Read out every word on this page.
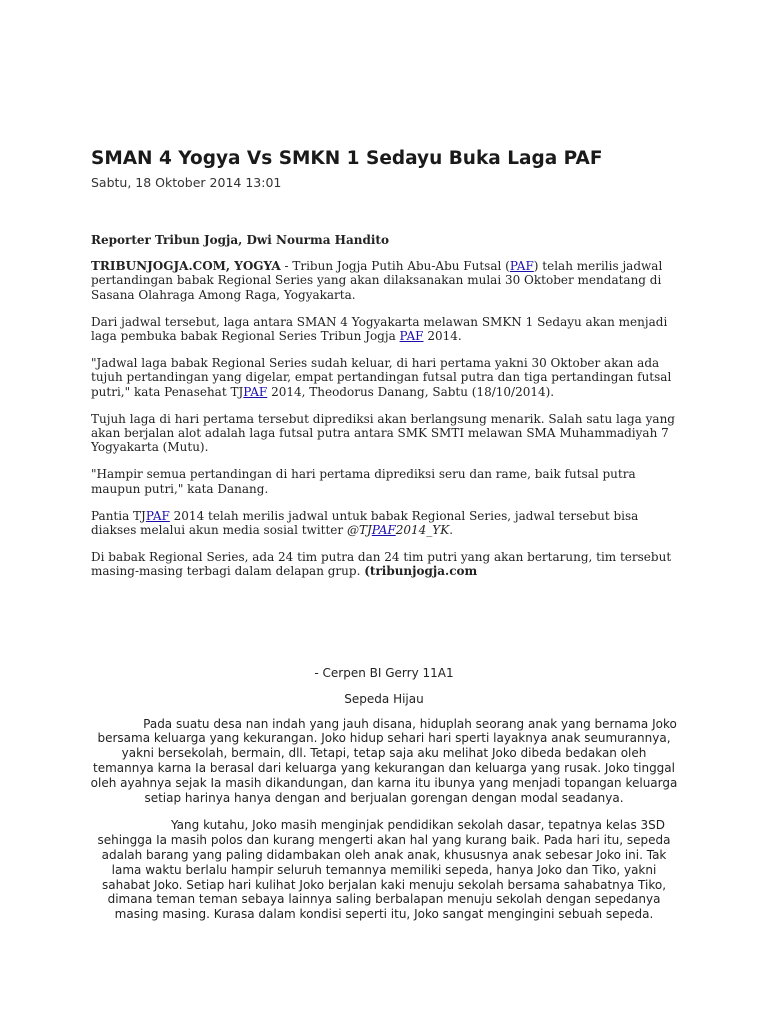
SMAN 4 Yogya Vs SMKN 1 Sedayu Buka Laga PAF
Sabtu, 18 Oktober 2014 13:01

Reporter Tribun Jogja, Dwi Nourma Handito

TRIBUNJOGJA.COM, YOGYA - Tribun Jogja Putih Abu-Abu Futsal (PAF) telah merilis jadwal pertandingan babak Regional Series yang akan dilaksanakan mulai 30 Oktober mendatang di Sasana Olahraga Among Raga, Yogyakarta.

Dari jadwal tersebut, laga antara SMAN 4 Yogyakarta melawan SMKN 1 Sedayu akan menjadi laga pembuka babak Regional Series Tribun Jogja PAF 2014.

"Jadwal laga babak Regional Series sudah keluar, di hari pertama yakni 30 Oktober akan ada tujuh pertandingan yang digelar, empat pertandingan futsal putra dan tiga pertandingan futsal putri," kata Penasehat TJPAF 2014, Theodorus Danang, Sabtu (18/10/2014).

Tujuh laga di hari pertama tersebut diprediksi akan berlangsung menarik. Salah satu laga yang akan berjalan alot adalah laga futsal putra antara SMK SMTI melawan SMA Muhammadiyah 7 Yogyakarta (Mutu).

"Hampir semua pertandingan di hari pertama diprediksi seru dan rame, baik futsal putra maupun putri," kata Danang.

Pantia TJPAF 2014 telah merilis jadwal untuk babak Regional Series, jadwal tersebut bisa diakses melalui akun media sosial twitter @TJPAF2014_YK.

Di babak Regional Series, ada 24 tim putra dan 24 tim putri yang akan bertarung, tim tersebut masing-masing terbagi dalam delapan grup. (tribunjogja.com

- Cerpen BI Gerry 11A1

Sepeda Hijau

Pada suatu desa nan indah yang jauh disana, hiduplah seorang anak yang bernama Joko bersama keluarga yang kekurangan. Joko hidup sehari hari sperti layaknya anak seumurannya, yakni bersekolah, bermain, dll. Tetapi, tetap saja aku melihat Joko dibeda bedakan oleh temannya karna Ia berasal dari keluarga yang kekurangan dan keluarga yang rusak. Joko tinggal oleh ayahnya sejak Ia masih dikandungan, dan karna itu ibunya yang menjadi topangan keluarga setiap harinya hanya dengan and berjualan gorengan dengan modal seadanya.

Yang kutahu, Joko masih menginjak pendidikan sekolah dasar, tepatnya kelas 3SD sehingga Ia masih polos dan kurang mengerti akan hal yang kurang baik. Pada hari itu, sepeda adalah barang yang paling didambakan oleh anak anak, khususnya anak sebesar Joko ini. Tak lama waktu berlalu hampir seluruh temannya memiliki sepeda, hanya Joko dan Tiko, yakni sahabat Joko. Setiap hari kulihat Joko berjalan kaki menuju sekolah bersama sahabatnya Tiko, dimana teman teman sebaya lainnya saling berbalapan menuju sekolah dengan sepedanya masing masing. Kurasa dalam kondisi seperti itu, Joko sangat mengingini sebuah sepeda.
